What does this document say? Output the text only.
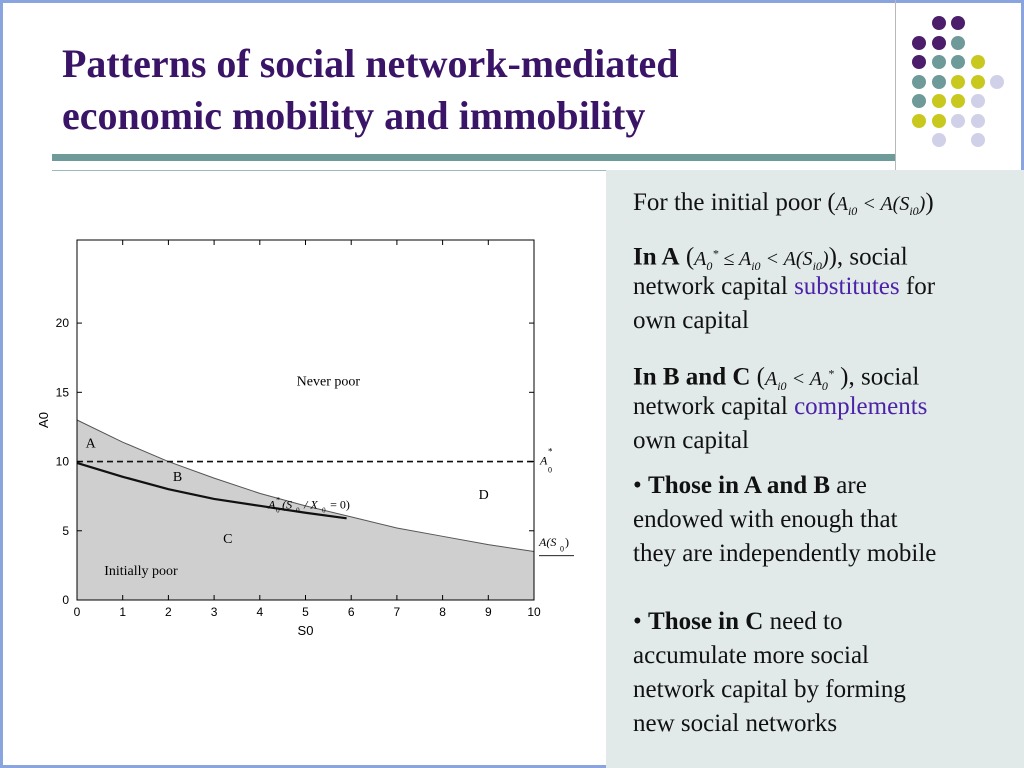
Patterns of social network-mediated
economic mobility and immobility
For the initial poor $(A_{i0} < A(S_{i0}))$
In A $(A_0^* \le A_{i0} < A(S_{i0}))$, social
network capital substitutes for
own capital
In B and C ($A_{i0} < A_0^*$ ), social
network capital complements
own capital
• Those in A and B are
endowed with enough that
they are independently mobile
• Those in C need to
accumulate more social
network capital by forming
new social networks
0	1	2	3	4	5	6	7	8	9	10
0
5
10
15
20
S0
A0
Never poor
A
B
C
D
Initially poor
A
0
*
A(S
0
)
A 0
* (S 0 / X 0 = 0)
